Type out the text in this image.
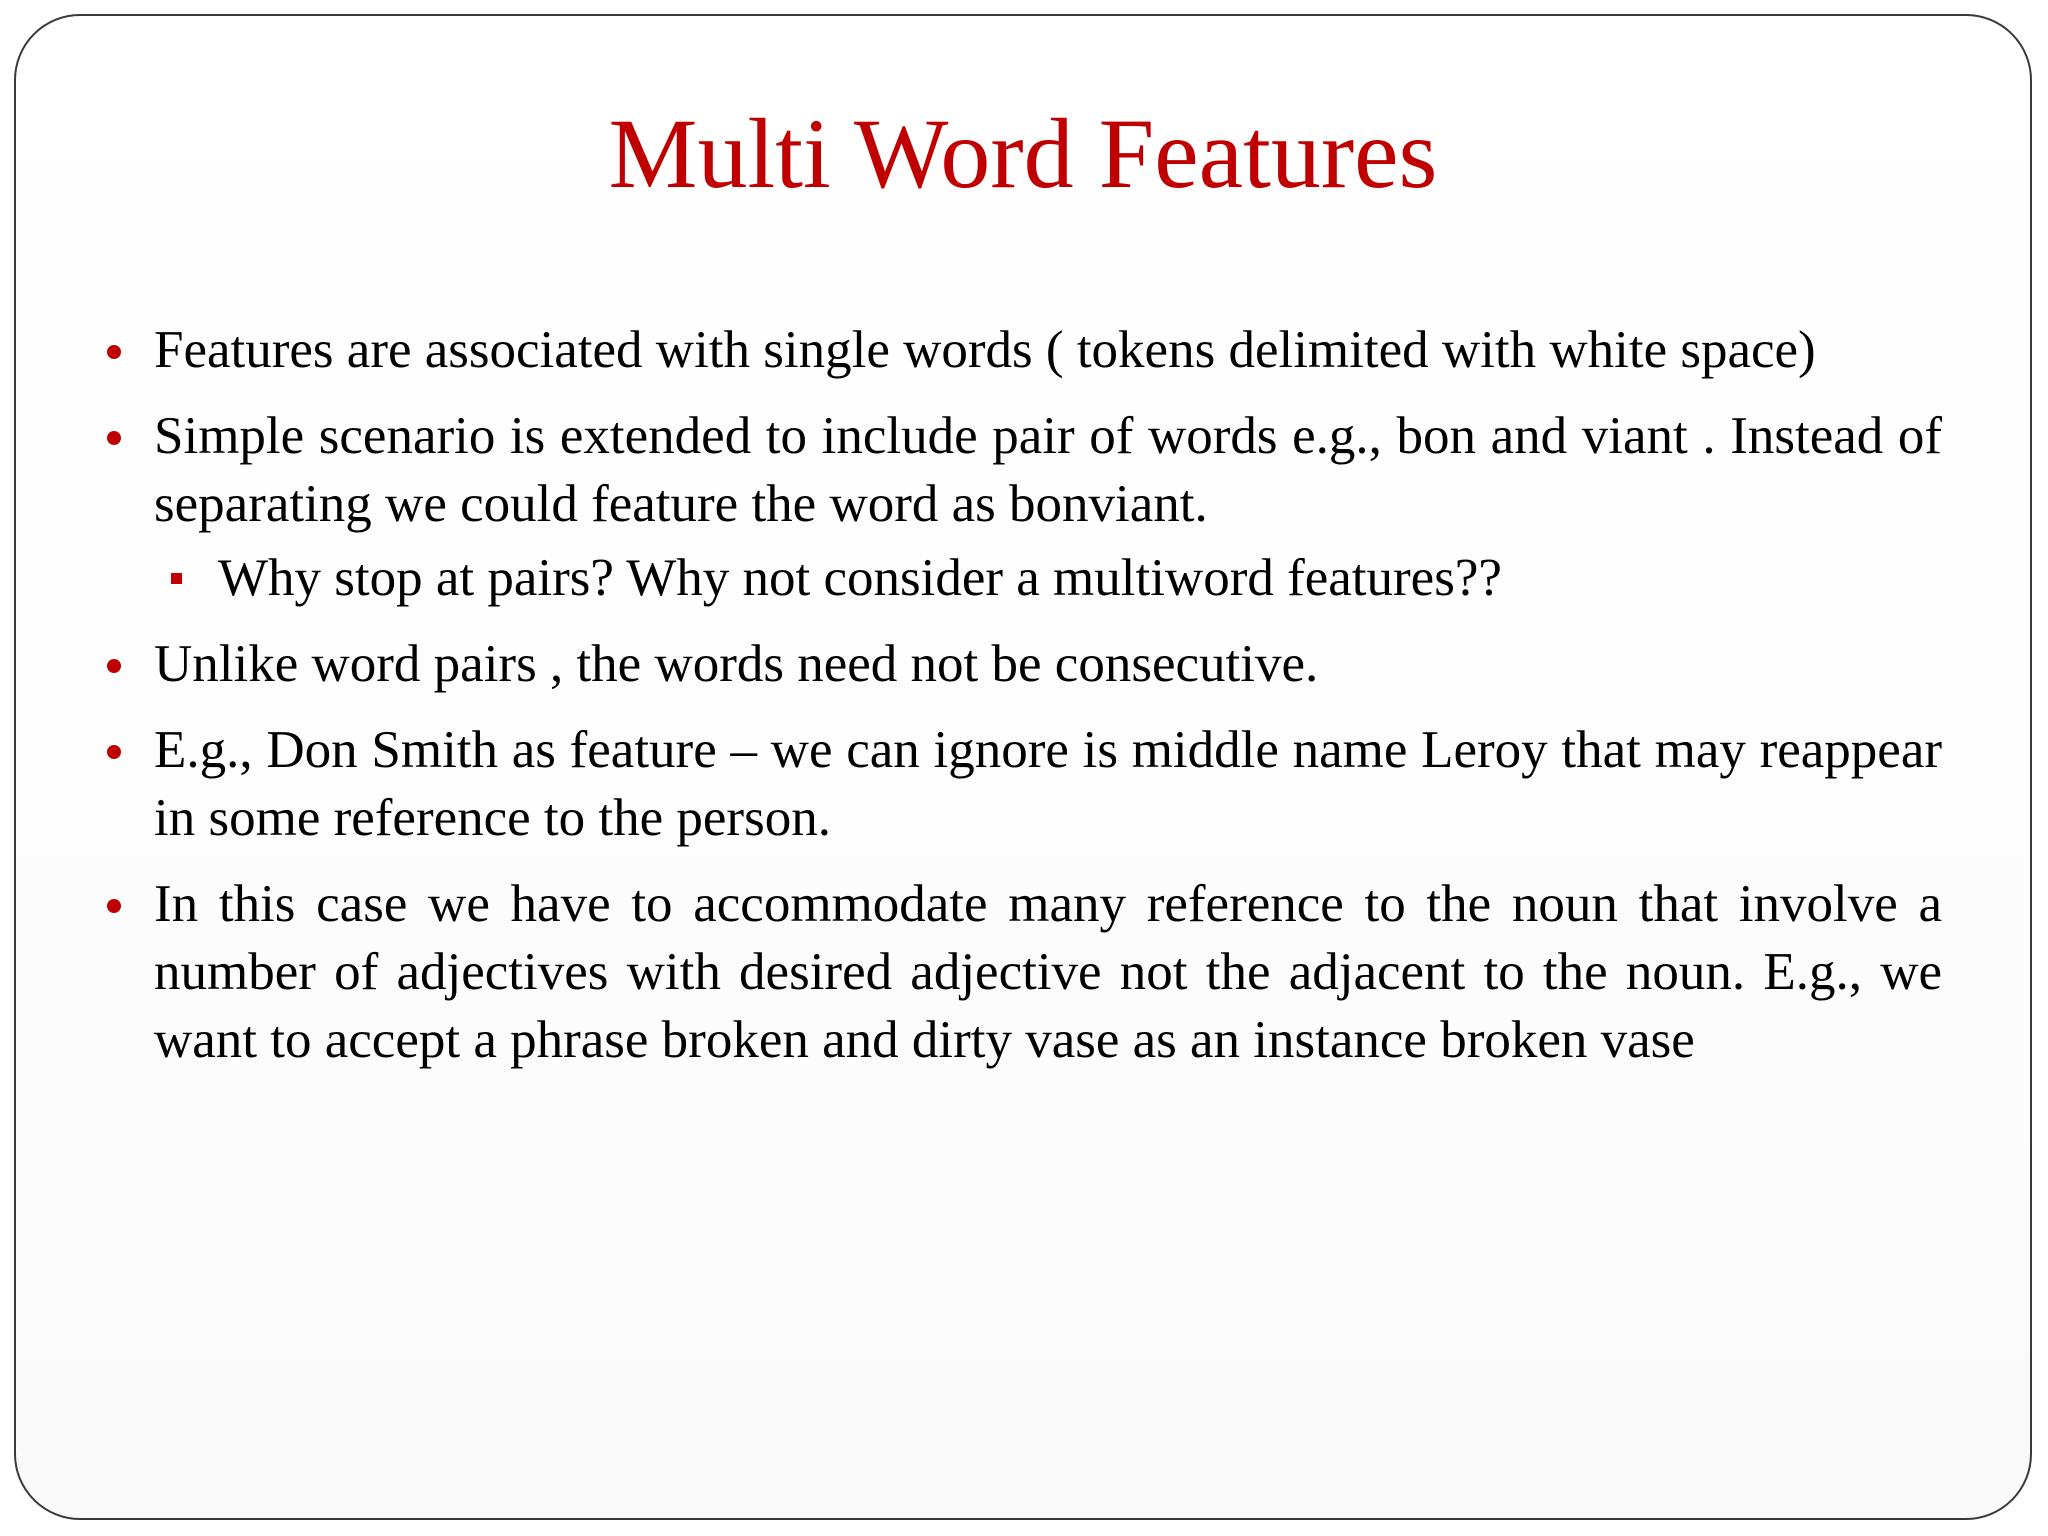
Multi Word Features
Features are associated with single words ( tokens delimited with white space)
Simple scenario is extended to include pair of words e.g., bon and viant . Instead of separating we could feature the word as bonviant.
Why stop at pairs? Why not consider a multiword features??
Unlike word pairs , the words need not be consecutive.
E.g., Don Smith as feature – we can ignore is middle name Leroy that may reappear in some reference to the person.
In this case we have to accommodate many reference to the noun that involve a number of adjectives with desired adjective not the adjacent to the noun. E.g., we want to accept a phrase broken and dirty vase as an instance broken vase
